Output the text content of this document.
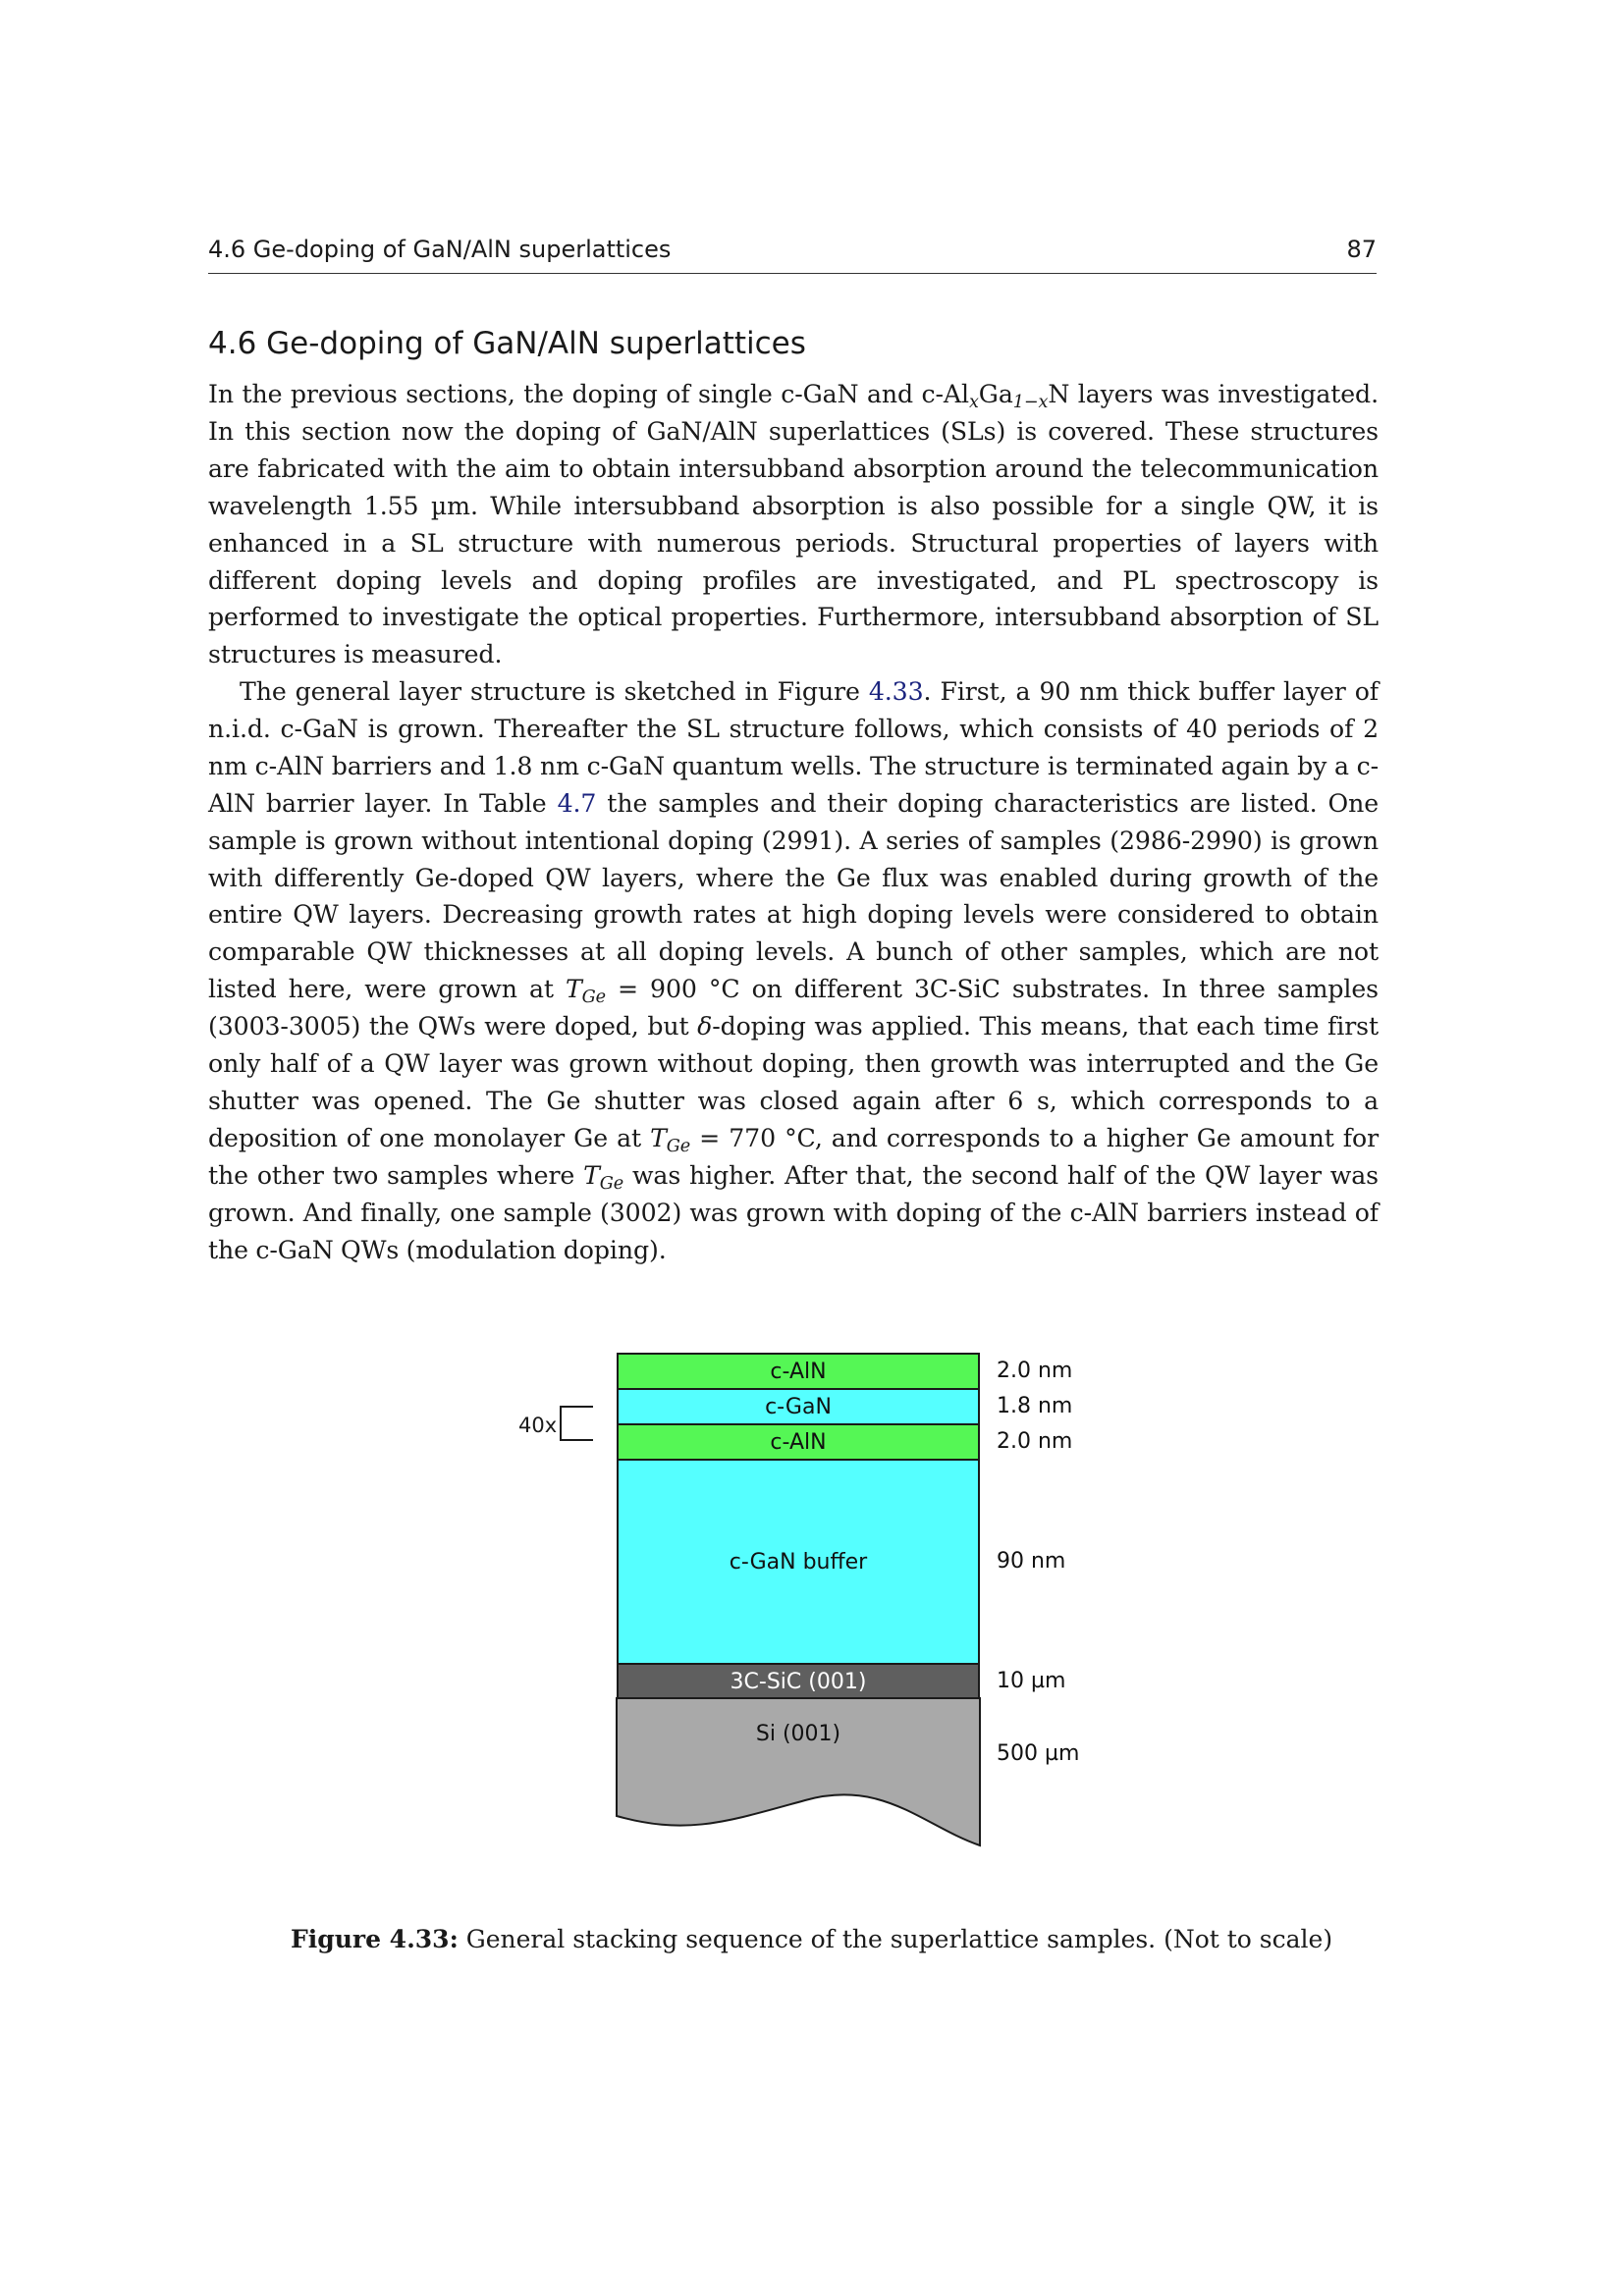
4.6 Ge-doping of GaN/AlN superlattices	87
4.6 Ge-doping of GaN/AlN superlattices

In the previous sections, the doping of single c-GaN and $c-Al_xGa_{1-x}N$ layers was investigated. In this section now the doping of GaN/AlN superlattices (SLs) is covered. These structures are fabricated with the aim to obtain intersubband absorption around the telecommunication wavelength 1.55 µm. While intersubband absorption is also possible for a single QW, it is enhanced in a SL structure with numerous periods. Structural properties of layers with different doping levels and doping profiles are investigated, and PL spectroscopy is performed to investigate the optical properties. Furthermore, intersubband absorption of SL structures is measured.

The general layer structure is sketched in Figure 4.33. First, a 90 nm thick buffer layer of n.i.d. c-GaN is grown. Thereafter the SL structure follows, which consists of 40 periods of 2 nm c-AlN barriers and 1.8 nm c-GaN quantum wells. The structure is terminated again by a c-AlN barrier layer. In Table 4.7 the samples and their doping characteristics are listed. One sample is grown without intentional doping (2991). A series of samples (2986-2990) is grown with differently Ge-doped QW layers, where the Ge flux was enabled during growth of the entire QW layers. Decreasing growth rates at high doping levels were considered to obtain comparable QW thicknesses at all doping levels. A bunch of other samples, which are not listed here, were grown at $T_{Ge} = 900$ °C on different 3C-SiC substrates. In three samples (3003-3005) the QWs were doped, but δ-doping was applied. This means, that each time first only half of a QW layer was grown without doping, then growth was interrupted and the Ge shutter was opened. The Ge shutter was closed again after 6 s, which corresponds to a deposition of one monolayer Ge at $T_{Ge} = 770$ °C, and corresponds to a higher Ge amount for the other two samples where $T_{Ge}$ was higher. After that, the second half of the QW layer was grown. And finally, one sample (3002) was grown with doping of the c-AlN barriers instead of the c-GaN QWs (modulation doping).

40x
c-AlN
c-GaN
c-AlN
c-GaN buffer
3C-SiC (001)
Si (001)
2.0 nm
1.8 nm
2.0 nm
90 nm
10 µm
500 µm

Figure 4.33: General stacking sequence of the superlattice samples. (Not to scale)
